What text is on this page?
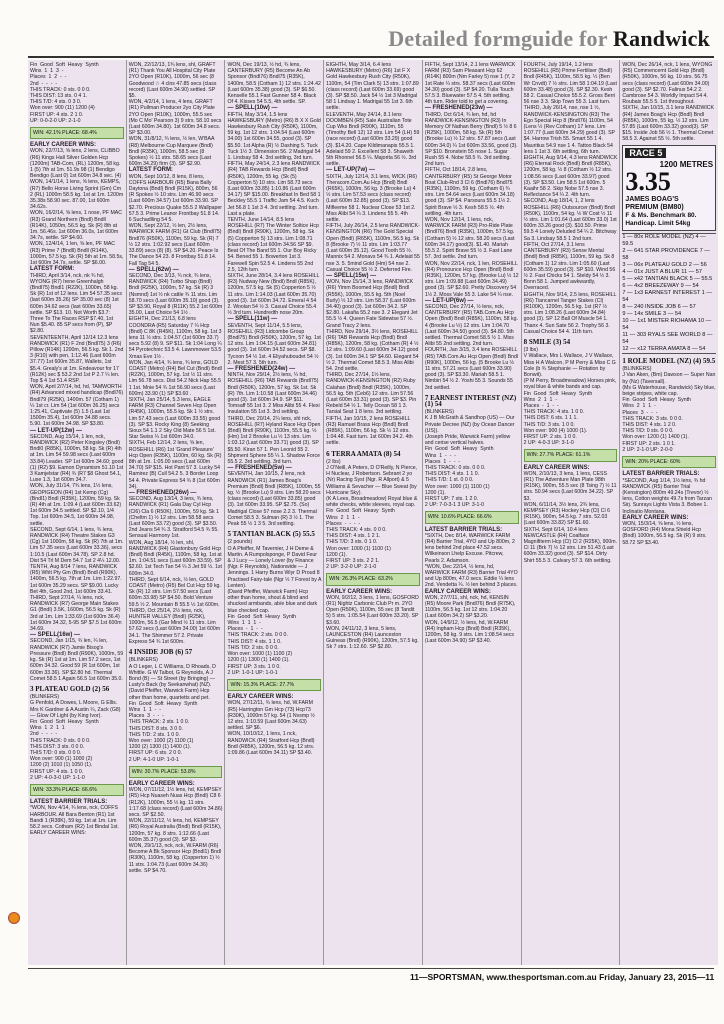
Detailed formguide for Randwick
Fin  Good  Soft  Heavy  Synth
Wins  1  1  3  -
Places  1  2  -  -
2nd  -  -  -  -
THIS TRACK: 0 sts. 0 0 0.
THIS DIST: 13 sts. 0 4 1.
THIS T/D: 4 sts. 0 3 0.
Won over: 900 (11) 1200 (4)
FIRST UP: 4 sts. 2 1 0.
UP: 0-0-2-0 UP: 2-1-0
WIN: 42.1% PLACE: 68.4%
EARLY CAREER WINS:
WON, 22/7/13, ⅝ lens, 2 lens, CLIBBO (R6) Kings Hall Silver Golden Hcp (1200m) TAB-Com, (RL) 1200m, 58 kg. 1 (5) 7th at 1m. 51.9s 98 (1) Bendigo Bendigo (Last 0) 1st 600m 34.8 sec. (4) WON, 14/1/14, 1 lens, ⅝ lens, KEMPS, (R7) Bello Horse Living Sprint (Gm) Cm 2 (RL) 1000m 58.5 kg. 1st at 1m. 1200m 35.38s 58.90 sec. 87.00, 1st 600m 34.62s.
WON, 16/2/14, ⅝ lens, 1 nose, PF MAC (R3) Grand Northern (Bndl) Bndll (R14K), 1050m, 56.5 kg. Sk (R) 8th at 1m. 56.46s. 1st 600m 36.0s, 1st 600m 34.7s, settle. SP $4.60.
WON, 12/4/14, 1 len, ⅝ len, PF MAC (R3) Prime 7 (Bndll) Bndll (R14K), 1000m, 57.5 kg. Sk (R) 5th at 1m. 58.5s, 1st 600m 34.7s, settle. SP $6.00.
LATEST FORM:
THIRD, April 3/14, nck, nk ¾ hd, WYONG (R7) Irene Greenhalgh (Bndl75) Bndl1 (R22K), 1000m, 58 kg. Sk (R) 1st of 12 lens. Lim 54 57.35 secs (last 600m 35.26) SP 35.00 sec (8) 1st 600m 34.62 secs (last 600m 33.65) settle. SP $13. 10. Not Worth $3.7: Three To The Races RSP $7.40, 1st Nun $5.40. 85 SP secs from (P), $P $2.80.
SEVENTEENTH, April 12/14 12.3 lens RANDWICK (R1) F 2nd (Bndl75) 3 (R6) Pillow (R14K) 1200m, 56.5 kg. Sk 1. 2nd 3 (R10) with pen, 1:12.46 (Last 600m 37.77) 1st 600m 35.87, Wallets, 1st $5.4. Grealy's at 1m. Endeavour for 17 (R12K) sec $ 53.2 2nd 1st P 2.7 ¼ len. Top $ 4 1st 51.4 RSP.
WON, April 2/7/14, hd, hd, TAMWORTH (R4) Advanced mixed handicap (Bndl76) Bndl79 (R25K), 1400m. 57 (Cotham 1) ¼ 1st cr. Lim 54 (1st 600m 36.25) secs 1:25.41, Captivate (5) 1.5 (Last 1st 1500m 35.4), 1st 600m 34.88 secs. 5.90. 1st 600m 34.98. SP $3.80.
— LET-UP(12w) —
SECOND, Aug 15/14, 1 len, nck, RANDWICK (R2) Peter Kingsley (Bndl) Bndl0 (R85K), 1000m, 58 kg. Sk (R) 4th at 1m. Lim 54 59.98 secs (Last 600m 33.84) Leader. SP 1st 600m 34.60; good (1) (R2) $9. Eamon Dynamism 51.10 1st 3 Kamjelstar (R4) ¾ (R7 $8 Ghost 54.1, Luxe 1.3, 1st 600m 34.7.
WON, July 31/14, 7¾ lens, 1½ lens, GEOPIGEON (R4) 1st Kemp (Cg) (Bndl1) Bndl (R35K), 1200m, 59 kg. Sk (R) 4th at 1m. 1:09.4 (Last 600m 33.62) 1st 600m 34.5 settled. SP $2.10, 1/4 Top. 1st 600m 34.5, 1st 600m 34.98, settle.
SECOND, Sept 6/14, 1 lens, ¾ lens, RANDWICK (R4) Theatre Stakes G3 (Cg) 1st 1000m, 58 kg. Sk (R) 7th at 1m. Lim 57.35 secs (Last 600m 33.36), secs 1:10.5 (Last 600m 34.78). SP 2.8 hd. Dist 54 Trl M Dem 54.7 1st 2 4¼ 12.00.
TENTH, Aug 8/14 7 lens, RANDWICK (R5) Whlt Pty Gm (Bndl) Bndl (R90K), 1400m, 56.5 kg. 7th at 1m. Lim 1:22.97. 1st 600m 35.29 secs. SP $9.00. Lucky Bet 4th, Good 2nd, 1st 600m 33.41.
THIRD, Sept 27/14, ¼ lens, nck, RANDWICK (R7) George Main Stakes G1 (Bndl) 3.5K, 1600m, 56.5 kg. Sk (R) 3rd at 1m. Lim 1:33.69 (1st 600m 36.4) 1st 600m 34.32, 5-95 SP $7.5 1st 600m 34.69.
— SPELL(16w) —
SECOND, Jan 1/15, ¾ len, ¼ len, RANDWICK (R7) Jamie Bisog's Pressure (Bndl) Bndl (R90K), 1000m, 59 kg. Sk (R) 1st at 1m. Lim 57.2 secs, 1st 600m 34.32. Good 59 (R 1st 600m, 1st 600m 33.36). SP $2.80 hd. Thermal Comet 58.5 1 Again 56.5 1st 600m 35.0.
3 PLATEAU GOLD (2) 56
(BLINKERS)
G Penfold, A Dowes, L Moore, G Ellis. Mrs K Gardner & A Austin ¼, Zack (G8) — Glow Of Light (by King Ivor).
Fin  Good  Soft  Heavy  Synth
Wins  1  2  1  1
2nd  -  -  -  -
THIS TRACK: 0 sts. 0 0 0.
THIS DIST: 3 sts. 0 0 0.
THIS T/D: 0 sts. 0 0 0.
Won over: 900 (1) 1000 (2)
1200 (2) 1010 (1) 1050 (1).
FIRST UP: 4 sts. 1 0 0.
2 UP: 4-0-3-0 UP: 1-1-0
WIN: 33.3% PLACE: 66.6%
LATEST BARRIER TRIALS:
*WON, Nov 4/14, ¾ lens, nck, COFFS HARBOUR. All Bara Benton (R1) 1st Bandi 1 (R38K), 59 kg. 1st at 1m. Lim 58.2 secs. Cotham (R2) 1st Bindal 1st.
EARLY CAREER WINS:
WON, 22/12/13, 1¾ lens, shl, GRAFT (R1) Thank You All Hospital City Plate 2YO Open (R10K), 1000m, 56 sec (8 Goodwood ☆ 4 clns 47.85 secs (class record) (Last 600m 34.90) settled. SP $5.
WON, 4/2/14, 1 lens, 4 lens, GRAFT (R1) Pullman Producer 2yo City Plate 2YO Open (R10K), 1000m, 55.5 sec (Mo C Mo' Pearson 3) 9 strs. 58.10 secs (Last 600m 34.80). 1st 600m 34.8 secs. SP $3.00.
WON, 31/8/12, ¾ lens, ½ len, W'BAA (R8) Melbourne Cup Marquee (Bndl) Bndl (R35K), 1000m, 58.5 sec (8 Spokes) ½ 11 strs. 58.65 secs (Last 600m 34.29) firm (3). SP $2.90.
LATEST FORM:
WON, Sept 10/12, 8 lens, 8 lens, COFFS HARBOUR (R5) Bana Bally Daytona (Bndl) Bndl (R15K), 800m, 56 (R Spokes ½ 10 strs. Lim 46.90 secs (Last 600m 34.57) 1st 600m 33.90. SP $2.70. Precious Quake 55.5 2 Wallpaper 57.5 3. Prime Leanor Frontbay 51.8 14. 6 Suchadlling 54 5.
WON, Sept 22/12, ½ len, 2½ lens, WARWICK FARM (R1) Gt Club (Bndl75) Bndl76 (R50K), 1100m, 59 kg. Sk (R) 7 ½ 12 strs. 1:02.92 secs (Last 600m 33.89) secs (8) (8). SP $4.20. Peace Is The Dance 54 23. 8 Frontbay 51.8 14. Fall Tag 54 5.
— SPELL(62w) —
SECOND, Dec 3/13, ¾ nck, ¾ lens, RANDWICK (R4) Turbo Shap (Bndl) Bndl (R25K), 1000m, 57 kg. Sk (R) 3 (Nsmnd) 1st ½ nk cattle ¾ 11 strs. Lim 58.70 secs (Last 600m 35.10) good (3). SP $3.90, Royal 8 (R11K) 55.2 1st 600m 35.00, Last Choice 54 1½ .
EIGHTH, Dec 21/13, 6.8 lens COONDRA (R5) Saturday 7 ¼ Hcp (Bndl) C 8K (R45K), 1100m, 58 kg. 1st 3 lens 11 ½ strs. 1:04.57 (1st 600m 33.7) secs 5.92 (8) 9. SP $11. Sk 1:04 Long ¼ 54 Pyrotechnic 53.5 4. Lawnmower 53.5 Xmas Eve 1½ .
WON, Jan 4/14, ¾ lens, ¾ lens, GOLD COAST (Metro) (R4) Bel Cut (Bndl) Bndl (R22K), 1000m, 57 kg. 1st ½ 11 strs. Lim 56.78 secs. Dist 54.2 Nick Hap 55.5 1 1st. Mnie 54 ¾ 1st 56.90 secs (Last 600m) 33.90 (1) SP $3.60 .
SIXTH, Jan 25/14, 5.3 lens, EAGLE FARM (R3) Channel Seven Hcp Open (R45K), 1000m, 55.5 kg. Sk 1 ½ strs. Lim 57.43 secs (Last 600m 33.55) good (3). SP $3. Rocky King (8) Seeking Sioux 54 1.1 2 Sky Old Mate 56 5 1st. Star Swiss ¼ 1st 600m 34.0.
SIXTH, Feb 12/14, 2 lens, ⅝ len, ROSEHILL (R6) 1st 'Grand Pleasure' Hcp Open (R35K), 1100m, 60 kg. Sk (R) 8th at 1m. 1:05.00 secs (Last 600m 34.70) SP $15. Hot Pant 57 3. Lucky 54 Ramirez (B) Cull 54.2 5. 3 Border Loop 54 4. Private Express 54 ¾ 8 (1st 600m 34).
— FRESHENED(26w) —
SECOND, Aug 13/14, 3 lens, ¾ lens, RANDWICK (R1) Gala Day Cyl Hcp (Cl6) Cla 6 (R50K), 1000m, 59 kg. Sk 1 (Cheltm 1) ½ 12 strs. Lim 58.58 secs (Last 600m 33.72) good (3). SP $3.50. 2nd Jeans 54 ¾ 3. Stratford 54.5 ¾ 55. Sensual Harmony 1st.
WON, Aug 18/14, ½ len, shl, RANDWICK (R4) Glastonbury Gold Hcp (Bndl) Bndl (R45K), 1100m, 58 kg. 1st at 1m. 1:04.51 secs (Last 600m 33.59). SP $2.60. 1st Tech Tan 54 ¼ 3 Jet 59 ½. 1st 600m 34.0.
THIRD, Sept 6/14, nck, ½ len, GOLD COAST (Metro) (R5) Bel Cut Hcp 59 kg. Sk (R) 12 strs. Lim 57.50 secs (Last 600m 33.98) SP $4.50. Bold Venture 59.5 ½ 2. Mountain B 55.5 ½ 1st 600m.
THIRD, Oct 25/14, 2½ lens, nck, HUNTER VALLEY (Bndl) (R25K), 1000m, 56.5 (Gar Mind ½ 11 strs. Lim 57.62 secs (Last 600m 34.00) 1st 600m 34.1. The Shimmer 57 2. Private Express 54 ¾ 1st 600m.
4 INSIDE JOB (6) 57
(BLINKERS)
A O Leger, L C Williams, D Rhoads, D Whittle. G W Talbot, G Reynolds, A J Bond (B) — St Street (by Bringing) — Lusty's Back (by Seekanwhat) (NZ).
(David Pfeiffer, Warwick Farm) Hcp other than home, quartetts and pet.
Fin  Good  Soft  Heavy  Synth
Wins  1  1  -  -
Places  3  -  -  -
THIS TRACK: 2 sts. 1 0 0.
THIS DIST: 8 sts. 3 0 0.
THIS T/D: 2 sts. 1 0 0.
Won over: 1000 (2) 1100 (1)
1200 (2) 1300 (1) 1400 (1).
FIRST UP: 6 sts. 2 0 0.
2 UP: 4-1-0 UP: 1-0-1
WIN: 30.7% PLACE: 53.8%
EARLY CAREER WINS:
WON, 07/11/12, 1½ lens, hd, KEMPSEY (R5) Hcp Nuaseh Nuas Hcp (Bndl) C8 6 (R12K), 1000m, 55 ½ kg. 11 strs. 1:17.68 (class record) (Last 600m 34.86) secs. SP $2.50.
WON, 22/11/12, ½ lens, hd, KEMPSEY (R6) Royal Australia (Bndl) Bndl (R15K), 1200m, 57 kg. 8 strs. 1:12.66 (Last 600m 35.37) good (3). SP $3.
WON, 29/1/13, nck, nck, W.FARM (R6) Become A Bk Sponsor Hcp (Bndl1) Bndl (R30K), 1100m, 58 kg. (Copperton 1) ½ 11 strs. 1:04.73 (Last 600m 34.36) settle. SP $4.70.
WON, Dec 19/13, ½ hd, ¾ lens, CANTERBURY (R5) Become An Ab Sponsor (Bndl76) Bndl75 (R35K), 1400m, 58.5 (Cotham 1) 12 strs. 1:24.42 (Last 600m 35.38) good (3). SP $6.50. Kenselle 55.1 Fast Gunner 58 4. Black Of 4. Kisses 54 5.5, 4th settle. SP.
— SPELL(10w) —
FIFTH, May 3/14, 1.5 lens HAWKESBURY (Metro) (R6) B X X Gold Hawkesbury Rush City (R50K), 1100m, 59 kg. 1st 12 strs. 1:04.54 (Last 600m 34.00) 1st 600m 34.55, good (3). SP $5.50. 1st Alpha (R) ½ Dashing 5. Tuck Tuck 1½ 3. Dimension 56. 2 Madrigal 54 1. Lindsay 58 4. 3rd settling, 3rd turn.
FIFTH, May 24/14, 2.3 lens RANDWICK (R4) TAB Rewards Hcp (Bndl) Bndl (R50K), 1200m, 55 kg. (Sk (5) Copperton 5) 10 strs. Lim 58.73 secs (Last 600m 33.85) 1:10.86 (Last 600m 34.17) SP $15.00. Breakfast In Bed 58 1 Beckley 55.5 1 Traffic Jam 54 4.5. Kuch Jet 56.8 1 1st 3 4. 3rd settling. 2nd turn. Last a plate.
TENTH, June 14/14, 8.5 lens ROSEHILL (R7) The Winter Soltice Hcp (Bndl) Bndl (R90K), 1200m, 58 kg. Sk (5) Copperton 5) 13 strs. Lim 1:08.71 (class record) 1st 600m 34.56 SP $9. Beat Of The Band 55 1. Our Boy Ricky 54. Bened 55 1. Bowerton 1st 3. Farewell Spin 52.5 4. Lindens 55 2nd 2.5, 12th turn.
SIXTH, June 28/14, 3.4 lens ROSEHILL (R3) Nudway New (Bndl) Bndl (R85K), 1200m, 57.5 kg. Sk (5) Copperton 5 ½ 11 strs. Lim 1:14.03 (Last 600m 35.70) good (3). 1st 600m 34.72. Emeral 4 54 2. Woolan 54 ½ 3. Casual Choice 55.4 ½ 3rd turn. Hundredth nose 20m.
— SPELL(11w) —
SEVENTH, Sept 11/14, 5.5 lens, ROSEHILL (R3) Lidcombe Group (Bndl75) Bndl (R50K), 1200m, 57 kg. 1st 12 strs. Lim 1:04.15 (Last 600m 34.81) good (3). 1st 600m 34.52 secs. SP $8. Tycoon 54 ½ 1st. 4 Eliyahuboudet 54 ½ 2. Mest 57 3. 5th turn.
— FRESHENED(24w) —
NINTH, Nov 29/14, 2½ lens, ¼ hd, ROSEHILL (R6) TAB Rewards (Bndl75) Bndl (R50K), 1200m, 57 kg. Sk 1st. Sk (R) 7th. Lim 1:10.58 (Last 600m 34.46) good (3). 1st 600m 34.9. SP $11. Tomsaff 55 1st 3. 2 Miss Alibi 55 4. Flexi Insulation 55 1st 3. 3rd settling.
THIRD, Dec 20/14, 2¼ lens, shl nck, ROSEHILL (R7) Hyland Race Hcp Open (Bndl) Bndl (R90K), 1100m, 55.5 kg. ½ (Hm) 1st 2 Brooke Lu ½ 13 strs. Lim 1:03.12 (Last 600m 33.71) good (3). SP $5.50. Kiran 57 1. Pen Leonid 55 2. Shpment Sphere 55 ¼ 1. Shadow Force 55.5 2. 3rd settling. 3rd turn.
— FRESHENED(5w) —
SEVENTH, Jan 10/15, 2 lens, nck RANDWICK (R1) James Boag's Premium (Bndl) Bndl (R85K), 1000m, 55 kg. ½ (Brooke Lu) 9 strs. Lim 58.20 secs (class record) (Last 600m 33.85) good (3). 1st 600m 33.95. SP $2.75. (So) Madrigal Close 57 nose 2.2 3. Thermal Comet 58.5 3. Sulman (R) 3 ½ 1. The Peak 55 ½ 1 3 5. 3rd settling.
5 TANTIAN BLACK (5) 55.5
(2 pounds)
O A Pfeiffer, M Tavernier, J H Deme & Martin. A Rumpolsponge, P David Feur & J Lucy — Lonely Lover (by Finance (Ngr. F Reynolds), Nationwide — J Jennings. 1 Harry Burns Wiyr D Proud 8 Practised Fairy-tale (Ngr ½ 7 Forest by A Lenten).
(David Pfeiffer, Warwick Farm) Hcp other than home, shout & blind and shucked armbands, ab/e blue and dark blue checked cap.
Fin  Good  Soft  Heavy  Synth
Wins  1  1  1  -
Places  -  1  -  -
THIS TRACK: 2 sts. 0 0 0.
THIS DIST: 4 sts. 1 1 0.
THIS T/D: 2 sts. 0 0 0.
Won over: 1000 (1) 1100 (2)
1200 (1) 1300 (1) 1400 (1).
FIRST UP: 3 sts. 1 0 0.
2 UP: 1-0-1 UP: 1-0-1
WIN: 15.3% PLACE: 27.7%
EARLY CAREER WINS:
WON, 27/12/11, ¾ lens, hd, W.FARM (R5) Harrington Gm Hcp (73) Hcp73 (R30K), 1000m 57 kg. 54 (1 Nvsmp ½ 12 strs. 1:10.59 (Last 600m 34.63) settled. SP $6.
WON, 10/10/12, 1 lens, 1 nck, RANDWICK (R4) Stratford Hcp (Bndl) Bndl (R85K), 1200m, 56.5 kg. 12 strs. 1:09.86 (Last 600m 34.11) SP $3.40.
EIGHTH, May 3/14, 6.4 lens HAWKESBURY (Metro) (R6) 1st F X Gold Hawkesbury Rush City (R50K), 1100m, 54 (Tim Clark 5) 13 strs. 1:07.89 (class record) (Last 600m 33.69) good (3). SP $8.50. Jack 54 ½ 1st 3 Madrigal 58 1 Lindsay 1. Madrigal 55 1st 3. 6th settle.
ELEVENTH, May 24/14, 8.1 lens DOOMBEN (R5) Sale Australian Tote Cup Wks Bndl (R90K), 1110m, 55 (Timothy Bell 12) 12 strs. Lim 54 (LH) 59 (race record) (Last 600m 33.29) good (3). $14.20. Cape Kildimanapis 55.5 1. Adelaid 59 2. Excellent 58 3. Shaweth 5th Rhonnel 56.5 ¼. Majorita 56 ½. 3rd settle.
— LET-UP(7w) —
SIXTH, July 12/14, 3.1 lens, WICK (R6) Theracom.Com.Au Hcp (Bndl) Bndl (R65K), 1000m, 56 kg. 3 (Brooke Lu) 4 ½ strs. Lim 57.53 secs (class record) (Last 600m 32.85) good (3). SP $13. Mifleeme 58 1. Nuclear Close 53 1st 2. Miss Alibi 54 ¼ 3. Lindens 55 5. 4th settle.
FIFTH, July 26/14, 2.5 lens RANDWICK-KENSINGTON (R6) The Gold Special Open (Bndl) (R65K), 1100m, 56.5 kg. Sk 8 (Brooke 7) ½ 11 strs. Lim 1:03.77 (Last 600m 35.12). Good Tooth 55 ½. Mannix 54 2. Monavs 54 ¾ 1. Adelaid 55 nse 3. 5. 5mind Gold (Hm) 54 nse 2. Casual Choice 55 ½ 2. Deferred Fire.
— SPELL(15w) —
WON, Nov 15/14, 3 lens, RANDWICK (R6) Yimm Boomed Hcp (Bndl) Bndl (R55K), 1000m, 55.5 kg. 5th (Noel Burly) ½ 12 strs. Lim 58.37 (Last 600m 34.40) good (3). 1st 600m 34.2. SP $2.80. Lakafia 55.2 nse 3. 2 Elegant Jet 55.5 ½ 4. Queen Fate Sidewise 57 ½. Grand Tracy 2 lens.
THIRD, Nov 29/14, 3½ lens, ROSEHILL (R6) TAB Rewards Hcp (Bndl) Bndl (R85K), 1200m, 58 kg. (Cotham (R) 4 ½ 12 strs. 1:09.60 (Last 600m 34.12) good (3). 1st 600m 34.1 SP $4.60. Elegant 54 ½ 2. Thermal Comet 58.5 3. Miss Alibi 54. 2nd settle.
THIRD, Dec 27/14, 1½ lens, RANDWICK-KENSINGTON (R2) Ruby Calahan (Bndl) Bndl (R35K), 1000m, 56.5 kg. 5th (Ceb6) 12 strs. Lim 57.56 (Last 600m 33.31) good (3). SP $3. Pin Rebeld 54 ½ 1. Telly Ocean 58 1 3. Tarsial Seat 1 8 lens. 3rd settling.
FIFTH, Jan 10/15, 2 lens ROSEHILL (R3) Ramuel Brass Hcp (Bndl) Bndl (R85K), 1100m, 56 kg. Sk ½ 12 strs. 1:04.48. Fast turn. 1st 600m 34.2. 4th settle.
6 TERRA AMATA (8) 54
(2 lbs)
J O'Neill, A Peters, D O'Reilly, N Pierce, H Nuclear, J Robertson. Sebrant 2 yo (Nr) Racing Syst (Ngr. R Allport) & 5 Williams & Sevacher — Blue Sweat (by Hurricane Sky).
(K A Lees, Broadmeadow) Royal blue & white checks, white sleeves, royal cap.
Fin  Good  Soft  Heavy  Synth
Wins  2  1  1  -
Places  -  -  -  -
THIS TRACK: 4 sts. 0 0 0.
THIS DIST: 4 sts. 1 2 1.
THIS T/D: 3 sts. 0 1 0.
Won over: 1000 (1) 1100 (1)
1200 (1).
FIRST UP: 3 sts. 2 2 1.
2 UP: 3-2-0 UP: 2-1-0
WIN: 26.3% PLACE: 63.2%
EARLY CAREER WINS:
WON, 9/2/12, 3 lens, 1 lens, GOSFORD (R1) Nightz Carbonic Club Pr m. 2YO Open (R50K), 1100m, 55 sec (8 Tandit 5) 5 strs. 1:05.54 (Last 600m 33.20). SP $3.60.
WON, 24/11/12, 3 lens, 5 lens, LAUNCESTON (R4) Launceston Guineas (Bndl) (R90K), 1200m, 57.5 kg. Sk 7 strs. 1:12.60. SP $2.80.
FIFTH, Sept 13/14, 2.1 lens WARWICK FARM (R3) Sam Pleasant Hcp 62 (R14K) 800m (Nm Farley 5) nse 1 (Y, 2 1st Rate ¼ strs. 58.37 secs (Last 600m 34.30) good (3). SP $4.20. Tulla Touch 57.5 3. Bluewater 57.5 4. 5th settling. 4th turn. Rider told to get a covering.
— FRESHENED(23w) —
THIRD, Oct 6/14, ¾ len, hd, hd RANDWICK-KENSINGTON (R3) In Memory Of Nathan Berry (Bndl) 5 ½ 8 6 (R25K), 1000m, 58 kg. Sk (R) 5th (Brooke Lu) ½ 12 strs. 57.87 secs (Last 600m 34.0) ¼ 1st 600m 33.56, good (3). SP $10. Bronstein 55 nose 1. Sugar Rush 55 4. Nobe 58.5 ¾. 3rd settling. 2nd turn.
FIFTH, Oct 18/14, 2.8 lens, CANTERBURY (R5) St George Motor Boat Club-Rnd 3 Cl 6 (Bndl76) Bndl75 (R35K), 1100m, 59 kg. (Cotham 6) ¾ strs. Lim 54.64 secs (Last 600m 34.18) good (3). SP $4. Parsoura 55.5 1½ 2. Spirit Brave ½ 3. Kesh 58.5 ½. 4th settling. 4th turn.
WON, Nov 12/14, 1 lens, nck, WARWICK FARM (R3) Pro-Ride Plate (Bndl76) Bndl (R35K), 1000m, 57.5 kg. (Cotham 5) ½ 12 strs. 58.20 secs (Last 600m 34.17) good(3). $1.40. Mariah 55.5 2. Spirit Brave 55 ½ 3. Fast Lane 57. 3rd settle. 2nd turn.
WON, Nov 22/14, nck, 1 len, ROSEHILL (R4) Pronounce Hcp Open (Bndl) Bndl (R35K), 1200m, 57 kg. (Brooke Lu) ½ 12 strs. Lim 1:09.88 (Last 600m 34.49) good (3). SP $2.60. Pretty Discovery 54 1½ 2. Moss Vale 55 3. Lake 54 ¼ nse.
— LET-UP(6w) —
SECOND, Dec 27/14, ½ lens, nck, CANTERBURY (R5) TAB.Com.Au Hcp Open (Bndl) Bndl (R85K), 1100m, 58 kg. 4 (Brooke Lu ½) 12 strs. Lim 1:04.70 (Last 600m 34.50) good (3). $4.80. 5th settled. Thermal Comet 58.5 ½ 1. Miss Alibi 55 2nd settling. 2nd turn.
FOURTH, Jan 3/15, 3.4 lens ROSEHILL (R5) TAB.Com.Au Hcp Open (Bndl) Bndl (R90K), 1000m, 56 kg. (5 Brooke Lu ½ 11 strs. 57.21 secs (Last 600m 33.90) good (3). SP $3.30. Mariah 58.5 1. Nimbiri 54 ½ 2. Yoshi 55 3. Sounds 55 3rd settled.
7 EARNEST INTEREST (NZ) (1) 54
(BLINKERS)
K J B McGrath & Sandhop (US) — Our Private Decree (NZ) (by Ocean Dancer (US)).
(Joseph Pride, Warwick Farm) yellow and cerise vertical halves.
Fin  Good  Soft  Heavy  Synth
Wins  1  -  -  -
Places  1  -  -  -
THIS TRACK: 0 sts. 0 0 0.
THIS DIST: 4 sts. 1 1 0.
THIS T/D: 1 st. 0 0 0.
Won over: 1000 (1) 1100 (1)
1200 (1).
FIRST UP: 7 sts. 1 2 0.
2 UP: 7-0-3-1 3 UP: 3-1-0
WIN: 10.6% PLACE: 66.6%
LATEST BARRIER TRIALS:
*SIXTH, Dec 8/14, WARWICK FARM (R4) Barrier Trial, 4YO and Up 800m, 2 lens behind 2nd place 47.52 secs. Wilkeinson Lhelp Excuse. Pitcrew, Pearls 2. Adamson.
*WON, Dec 22/14, ½ lens, hd, WARWICK FARM (R3) Barrier Trial 4YO and Up 800m, 47.0 secs. Eddie ¼ lens 2nd. Vendetta ¼. ½ len behind 3 places.
EARLY CAREER WINS:
WON, 27/7/11, shl, nck, hd, KENSIN (R5) Moore Park (Bndl76) Bndl (R75K), 1100m, 56.5 kg. 1st 12 strs. 1:04.20 (Last 600m 34.2) SP $3.20.
WON, 14/9/12, ½ lens, hd, W.FARM (R4) Ingham Hcp (Bndl) Bndl (R35K), 1200m, 58 kg. 9 strs. Lim 1:08.54 secs (Last 600m 34.90) SP $3.40.
FOURTH, July 19/14, 1.2 lens ROSEHILL (R5) Prime Fertiliser (Bndl) Bndl (R45K), 1100m, 58.5 kg. ½ (Ben Wr Cnvdt) 7 ½ strs. Lim 58 1:04.19 (Last 600m 33.48) good (3). SP $2.30. Kesh 58 2. Casual Choice 55.5 2. Gross Berri 56 nse 3 3. Skip Town 55 3. Last turn.
THIRD, July 26/14, nse, nse 1 ½, RANDWICK-KENSINGTON (R3) The Ego Special Hcp 8 (Bndl76) 1100m, 54 (Lens ½ (Rev Cotham) 17 lens. Lim 1:07.77 (Last 600m 34.29) good (3). SP $4. Harrow Trish 55. Smart 55 1 4. Mauritius 54.9 nse 1 4. Tattoo Black 54 lens 1 1st 3. 6th settling, 6th turn.
EIGHTH, Aug 9/14, 4.3 lens RANDWICK (R6) Eternal Rock (Bndl) Bndl (R85K), 1200m, 58 kg. ½ 8 (Cotham ½ 12 strs. 1:08.56 secs (Last 600m 33.97) good (3). SP $3.50. Lim 58.5 1st 600m. 5 Kaaihr 58 2. Skip Nobe 57.5 nse 3. Reflectance 54 ¼ 2. 4th turn.
SECOND, Aug 18/14, 1, 2 lens ROSEHILL (R6) Outsourcer (Bndl) Bndl (R50K), 1100m, 54 kg. ½ W Cost ½ 11 ½ strs. Lim 1:01.64 (Last 600m 33.0) 1st 600m 33.26 good (3). $10.50. Prime 59.5 4 Lonely Deluded 54 ¼ 2. Bitchway Sa 3. Lindsay 58.5 1 2nd turn.
FIFTH, Oct 27/14, 3.1 lens CANTERBURY (R3) Sense Mental (Bndl) Bndl (R85K), 1100m, 59 kg. Sk 8 (Cotham 1) 12 strs. Lim 1:05.60 (Last 600m 35.59) good (3). SP $10. Wind 56 ½ 2. Fast Chicks 54 1. Steldy 54 ½ 3. Bonn 58 1. Jumped awkwardly, Overraced.
EIGHTH, Nov 9/14, 2.5 lens, ROSEHILL (R6) Tiancarnel Tanger Stakes (Cl) (R100K), 1200m, 56.5 kg. 1st (R7 ½ strs. Lim 1:08.26 (Last 600m 34.84) good (3). SP 12 Ball Of Muscle 54 1. Thanx 4. Sun Sate 56 2. Trophy 56 3. Casual Choice 54 4. 11th turn.
8 SMILE (3) 54
(3 lbs)
V Wallace, Mrs L Wallace, J V Wallace, Miss H A Walcon, P M Perry & Miss C G Cole (b ¾ Stephanie — Rotation by Bonwit).
(P M Perry, Broadmeadow) Horses pink, royal blue & white bands and cap.
Fin  Good  Soft  Heavy  Synth
Wins  2  1  1  -
Places  -  1  -  -
THIS TRACK: 4 sts. 1 0 0.
THIS DIST: 6 sts. 1 1 1.
THIS T/D: 3 sts. 1 0 0.
Won over: 900 (4) 1000 (1).
FIRST UP: 2 sts. 1 0 0.
2 UP: 4-0-3 UP: 3-1-0
WIN: 27.7% PLACE: 61.1%
EARLY CAREER WINS:
WON, 2/10/13, 3 lens, 1 lens, CESS (R1) The Adventure Man Plate 98th (R15K), 900m, 55.5 sec (8 Tsing 7) ½ 11 strs. 50.94 secs (Last 600m 34.22). SP $3.
WON, 6/11/14, 3½ lens, 2¾ lens, KEMPSEY (R3) Hockey Hcp (Cl) Cl 6 (R15K), 900m, 54.5 kg. 7 strs. 52.03 (Last 600m 33.82) SP $1.60.
SIXTH, Sept 6/14, 10.4 lens NEWCASTLE (R4) Coalface Magnifiterm Hcp (Cl) Cl 2 (R25K), 900m. Cl 11 (Brk 7) ½ 12 strs. Lim 51.43 (Last 600m 33.32) good (3). SP $14. Dirty Shirt 55.5 3. Calvary 57 3. 6th settling.
WON, Dec 26/14, nck, 1 lens, WYONG (R5) Commencemt Gold Hcp (Bndl) (R50K), 1000m, 56 kg. 10 strs. 56.75 secs (class record) (Last 600m 34.00) good (3). SP $2.70. Falinus 54.2 2. Cambrose 54 3. Worldly Impact 54 4. Roubaix 55.5 5. 1st throughout.
SIXTH, Jan 10/15, 3.1 lens RANDWICK (R4) James Boag's Hcp (Bndl) Bndl (R85K), 1000m, 55 kg. ½ 12 strs. Lim 57.85 (Last 600m 33.32) good(3). SP $15. Inside Job 56 ½ 1. Thermal Comet 58.5 3. Against 55 ½. 5th settle.
RACE 5
1200 METRES
3.35
JAMES BOAG'S PREMIUM (BM80)
F & Ms. Benchmark 80. Handicap. Limit 54kg
1 — 80x ROLE MODEL (NZ) 4 — 59.5
2 — 641 STAR PROVIDENCE 7 — 58
3 — 06x PLATEAU GOLD 2 — 56
4 — 01x JUST A BLUR 11 — 57
5 — x42 TANTIAN BLACK 5 — 55.5
6 — 4x2 BREEZEWAY 9 — 54
7 — 1x3 EARNEST INTEREST 1 — 54
8 — 240 INSIDE JOB 6 — 57
9 — 14x SMILE 3 — 54
10 — 1x1 MISTER RIOHAMA 10 — 54
11 — 303 RYALS SEE WORLD 8 — 54
12 — x12 TERRA AMATA 8 — 54
1 ROLE MODEL (NZ) (4) 59.5
(BLINKERS)
J Van Aken, (Bm) Dawson — Super Nan by (Nz) (Taversall).
(Ms G Waterhouse, Randwick) Sky blue, beige stripes, white cap.
Fin  Good  Soft  Heavy  Synth
Wins  2  1  1  -
Places  3  -  -  -
THIS TRACK: 3 sts. 0 0 0.
THIS DIST: 4 sts. 1 2 0.
THIS T/D: 0 sts. 0 0 0.
Won over: 1200 (1) 1400 (1).
FIRST UP: 2 sts. 1 0 1.
2 UP: 2-1-0 UP: 2-0-0
WIN: 20% PLACE: 60%
LATEST BARRIER TRIALS:
*SECOND, Aug 1/14, 1½ lens, ¾ hd RANDWICK (R5) Barrier Trial (Kensington) 800m 49.24s (Trevor) ½ lens, Cotton weights 49.7s from Tarzan Sirj. Sunrays Lights Vista 3. Bobee 1. Inclinatio Montana.
EARLY CAREER WINS:
WON, 15/3/14, ⅝ lens, ½ lens, GOSFORD (R4) Mona Shield Hcp (Bndl) 1000m, 56.5 kg. Sk (R) 9 strs. 58.72 SP $3.40.
11—SPORTSMAN, www.thesportsman.com.au Friday, January 23, 2015—11
